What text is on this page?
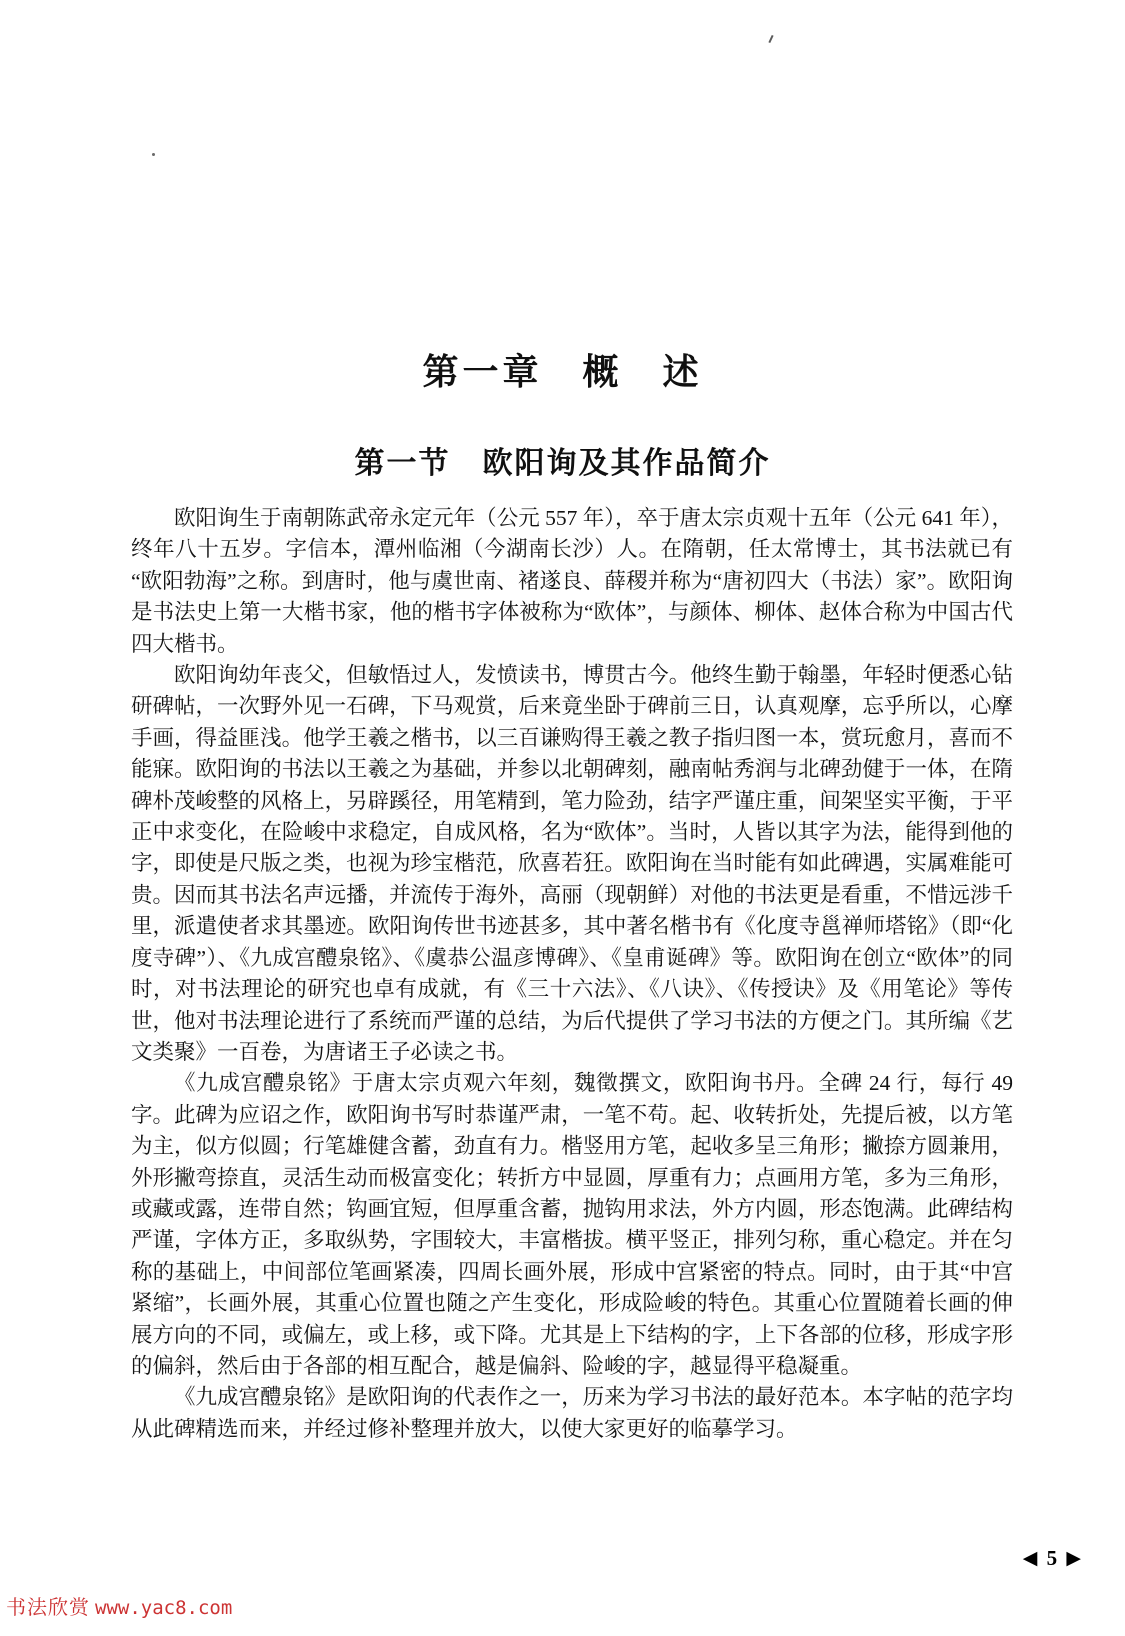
第一章　概　述
第一节　欧阳询及其作品简介

欧阳询生于南朝陈武帝永定元年（公元 557 年），卒于唐太宗贞观十五年（公元 641 年），终年八十五岁。字信本，潭州临湘（今湖南长沙）人。在隋朝，任太常博士，其书法就已有“欧阳勃海”之称。到唐时，他与虞世南、褚遂良、薛稷并称为“唐初四大（书法）家”。欧阳询是书法史上第一大楷书家，他的楷书字体被称为“欧体”，与颜体、柳体、赵体合称为中国古代四大楷书。

欧阳询幼年丧父，但敏悟过人，发愤读书，博贯古今。他终生勤于翰墨，年轻时便悉心钻研碑帖，一次野外见一石碑，下马观赏，后来竟坐卧于碑前三日，认真观摩，忘乎所以，心摩手画，得益匪浅。他学王羲之楷书，以三百谦购得王羲之教子指归图一本，赏玩愈月，喜而不能寐。欧阳询的书法以王羲之为基础，并参以北朝碑刻，融南帖秀润与北碑劲健于一体，在隋碑朴茂峻整的风格上，另辟蹊径，用笔精到，笔力险劲，结字严谨庄重，间架坚实平衡，于平正中求变化，在险峻中求稳定，自成风格，名为“欧体”。当时，人皆以其字为法，能得到他的字，即使是尺版之类，也视为珍宝楷范，欣喜若狂。欧阳询在当时能有如此碑遇，实属难能可贵。因而其书法名声远播，并流传于海外，高丽（现朝鲜）对他的书法更是看重，不惜远涉千里，派遣使者求其墨迹。欧阳询传世书迹甚多，其中著名楷书有《化度寺邕禅师塔铭》（即“化度寺碑”）、《九成宫醴泉铭》、《虞恭公温彦博碑》、《皇甫诞碑》等。欧阳询在创立“欧体”的同时，对书法理论的研究也卓有成就，有《三十六法》、《八诀》、《传授诀》及《用笔论》等传世，他对书法理论进行了系统而严谨的总结，为后代提供了学习书法的方便之门。其所编《艺文类聚》一百卷，为唐诸王子必读之书。

《九成宫醴泉铭》于唐太宗贞观六年刻，魏徵撰文，欧阳询书丹。全碑 24 行，每行 49 字。此碑为应诏之作，欧阳询书写时恭谨严肃，一笔不苟。起、收转折处，先提后被，以方笔为主，似方似圆；行笔雄健含蓄，劲直有力。楷竖用方笔，起收多呈三角形；撇捺方圆兼用，外形撇弯捺直，灵活生动而极富变化；转折方中显圆，厚重有力；点画用方笔，多为三角形，或藏或露，连带自然；钩画宜短，但厚重含蓄，抛钩用求法，外方内圆，形态饱满。此碑结构严谨，字体方正，多取纵势，字围较大，丰富楷拔。横平竖正，排列匀称，重心稳定。并在匀称的基础上，中间部位笔画紧凑，四周长画外展，形成中宫紧密的特点。同时，由于其“中宫紧缩”，长画外展，其重心位置也随之产生变化，形成险峻的特色。其重心位置随着长画的伸展方向的不同，或偏左，或上移，或下降。尤其是上下结构的字，上下各部的位移，形成字形的偏斜，然后由于各部的相互配合，越是偏斜、险峻的字，越显得平稳凝重。

《九成宫醴泉铭》是欧阳询的代表作之一，历来为学习书法的最好范本。本字帖的范字均从此碑精选而来，并经过修补整理并放大，以使大家更好的临摹学习。

◀ 5 ▶
书法欣赏 www.yac8.com
